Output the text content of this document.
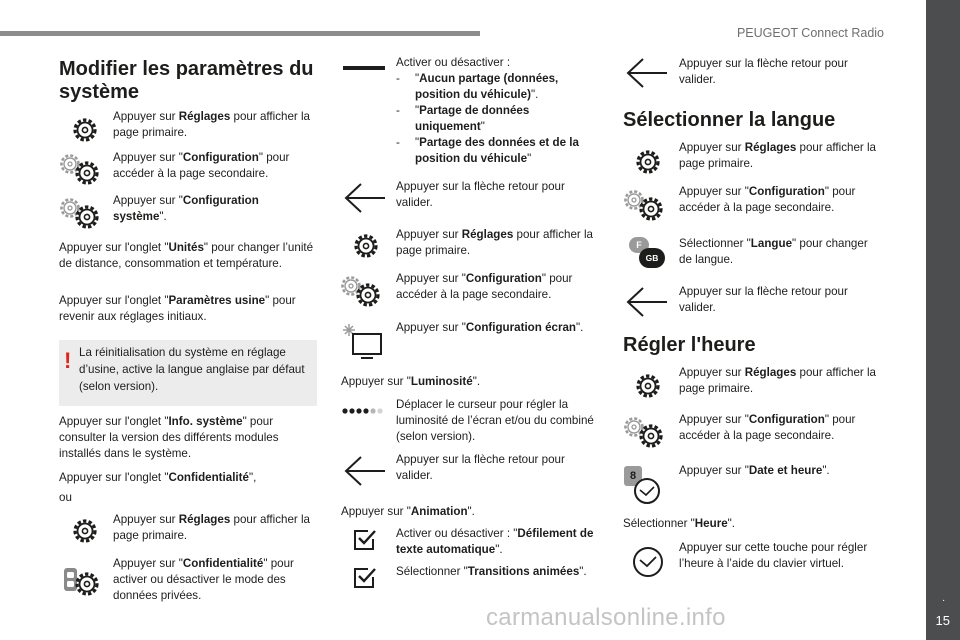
PEUGEOT Connect Radio
.
15
Modifier les paramètres du système
Appuyer sur Réglages pour afficher la page primaire.
Appuyer sur "Configuration" pour accéder à la page secondaire.
Appuyer sur "Configuration système".
Appuyer sur l'onglet "Unités" pour changer l’unité de distance, consommation et température.
Appuyer sur l'onglet "Paramètres usine" pour revenir aux réglages initiaux.
! La réinitialisation du système en réglage d’usine, active la langue anglaise par défaut (selon version).
Appuyer sur l'onglet "Info. système" pour consulter la version des différents modules installés dans le système.
Appuyer sur l'onglet "Confidentialité",
ou
Appuyer sur Réglages pour afficher la page primaire.
Appuyer sur "Confidentialité" pour activer ou désactiver le mode des données privées.
Activer ou désactiver :
-	"Aucun partage (données, position du véhicule)".
-	"Partage de données uniquement"
-	"Partage des données et de la position du véhicule"
Appuyer sur la flèche retour pour valider.
Appuyer sur Réglages pour afficher la page primaire.
Appuyer sur "Configuration" pour accéder à la page secondaire.
Appuyer sur "Configuration écran".
Appuyer sur "Luminosité".
Déplacer le curseur pour régler la luminosité de l’écran et/ou du combiné (selon version).
Appuyer sur la flèche retour pour valider.
Appuyer sur "Animation".
Activer ou désactiver : "Défilement de texte automatique".
Sélectionner "Transitions animées".
Appuyer sur la flèche retour pour valider.
Sélectionner la langue
Appuyer sur Réglages pour afficher la page primaire.
Appuyer sur "Configuration" pour accéder à la page secondaire.
F
GB
Sélectionner "Langue" pour changer de langue.
Appuyer sur la flèche retour pour valider.
Régler l'heure
Appuyer sur Réglages pour afficher la page primaire.
Appuyer sur "Configuration" pour accéder à la page secondaire.
8	Appuyer sur "Date et heure".
Sélectionner "Heure".
Appuyer sur cette touche pour régler l’heure à l’aide du clavier virtuel.
carmanualsonline.info
